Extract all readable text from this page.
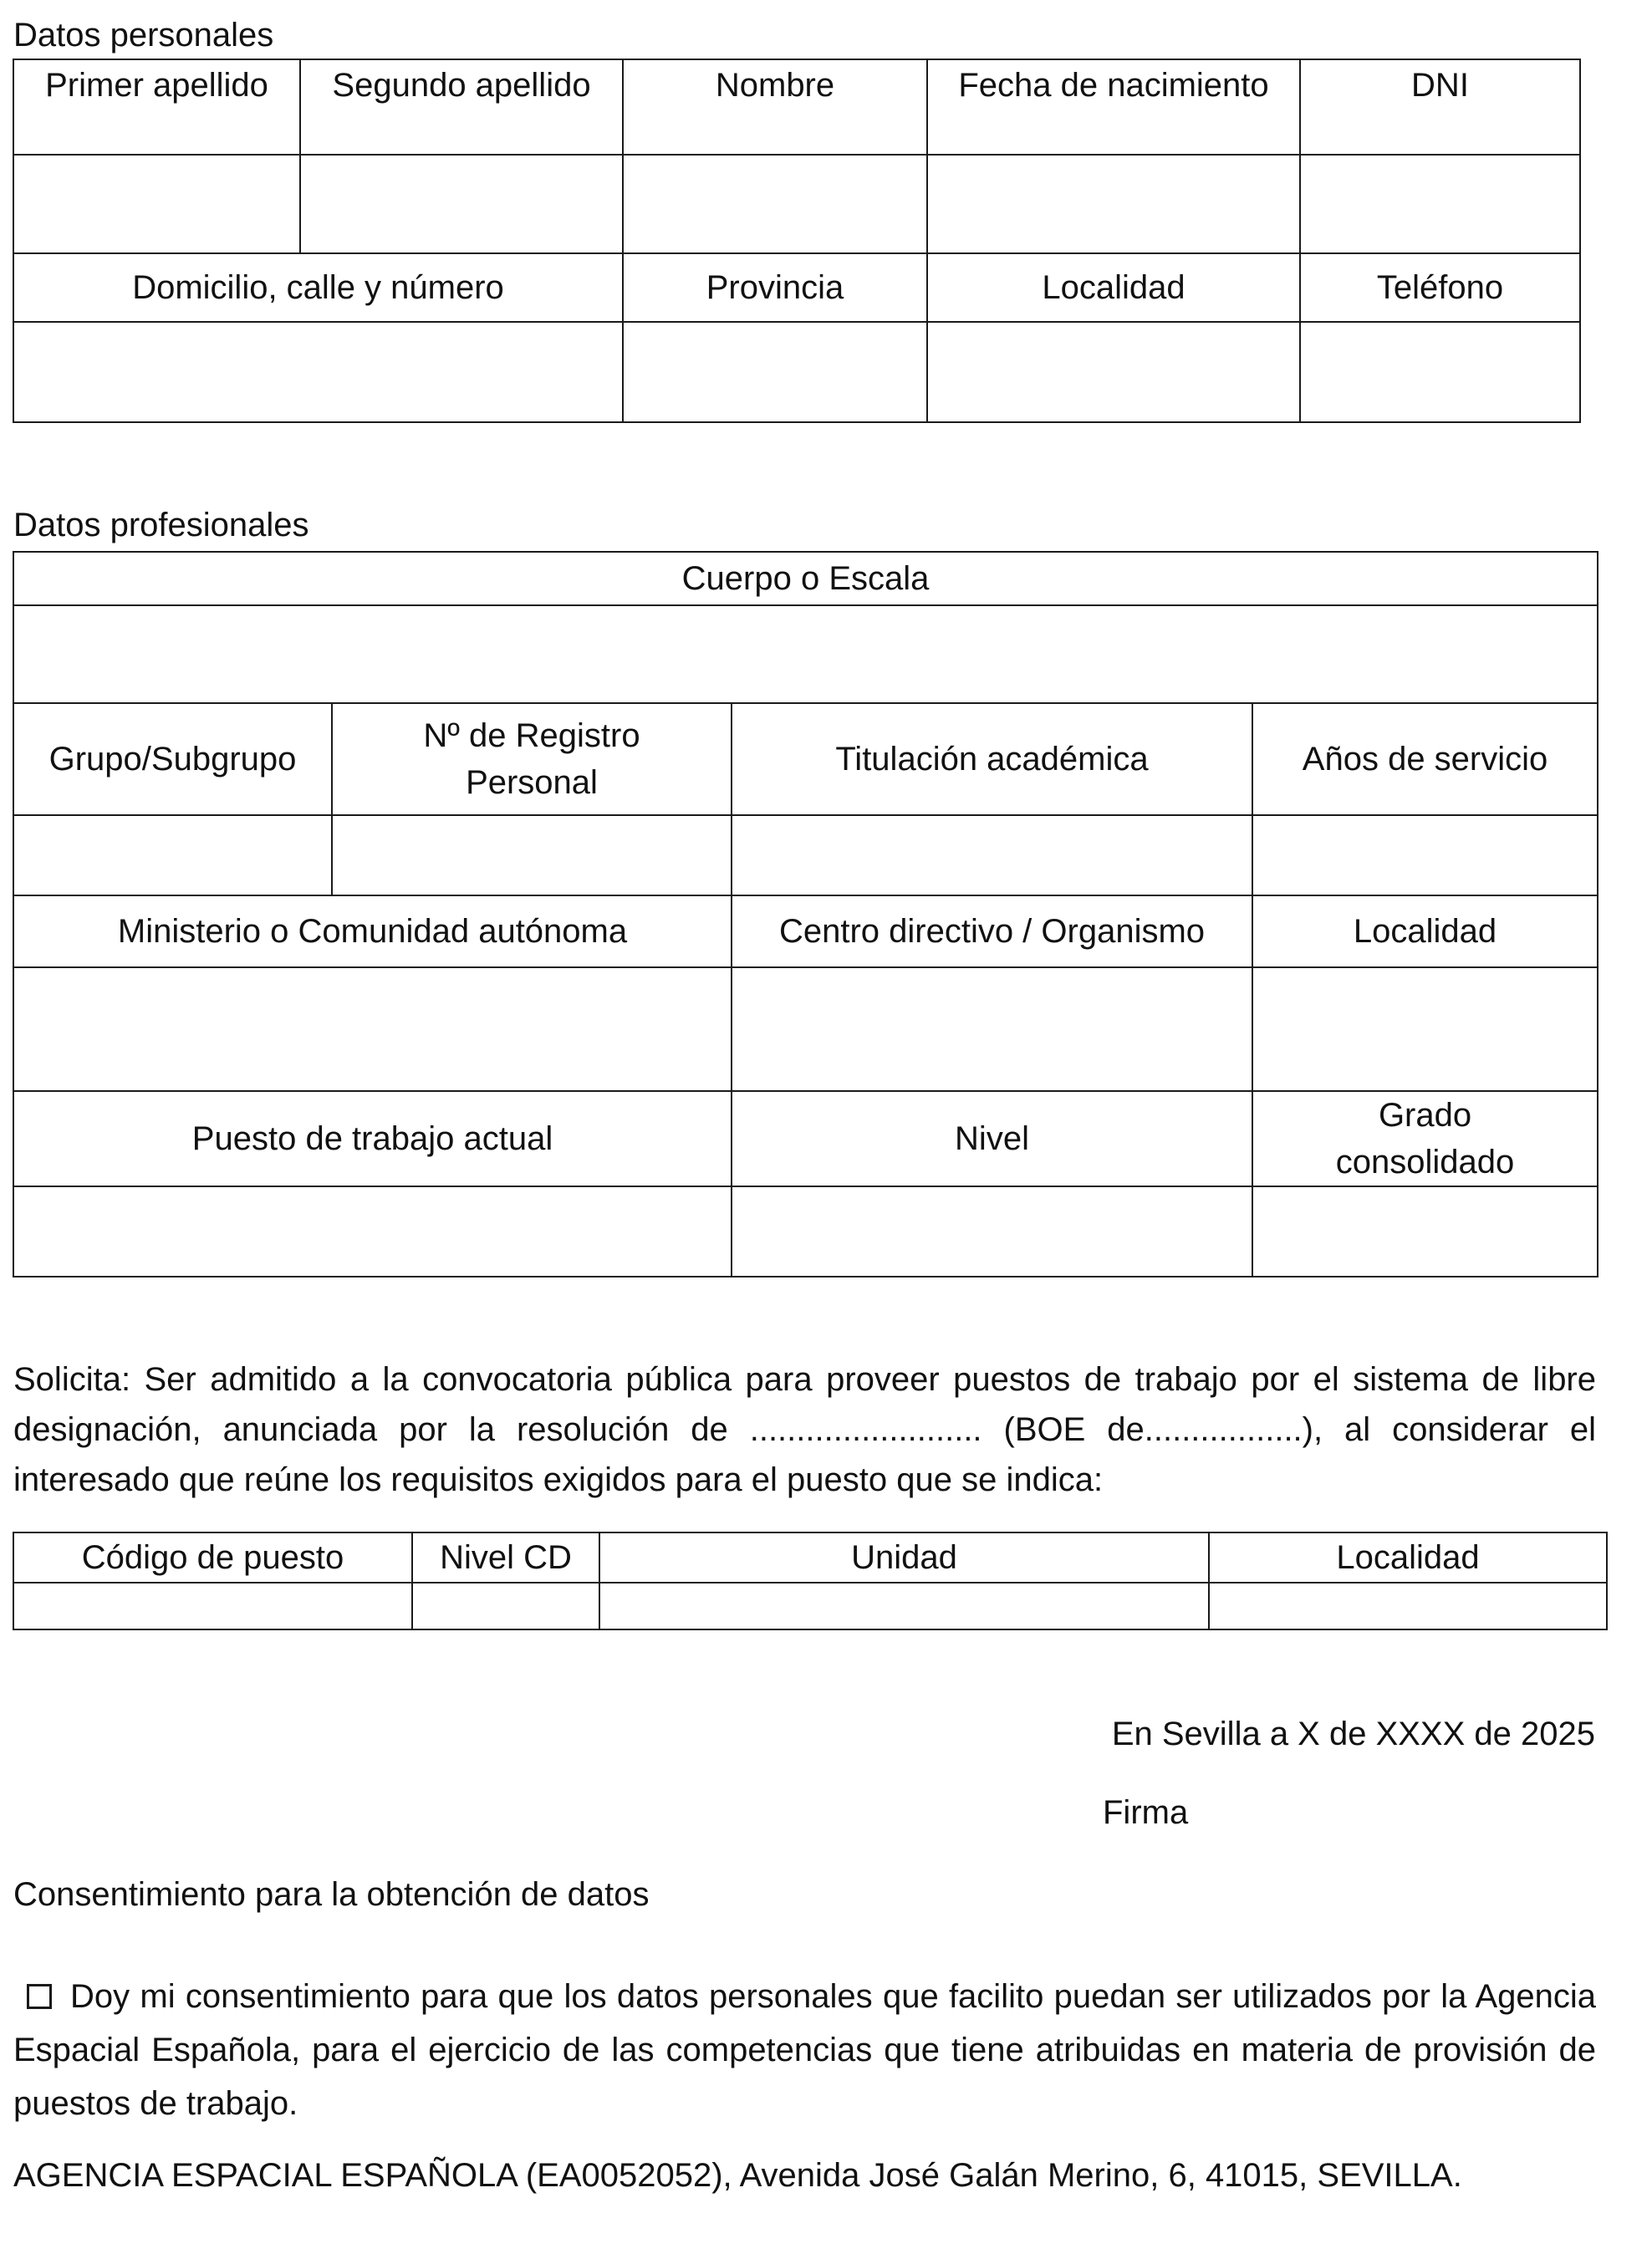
Datos personales
Primer apellido	Segundo apellido	Nombre	Fecha de nacimiento	DNI

Domicilio, calle y número		Provincia	Localidad	Teléfono

Datos profesionales
Cuerpo o Escala			

Grupo/Subgrupo	Nº de Registro Personal	Titulación académica	Años de servicio

Ministerio o Comunidad autónoma		Centro directivo / Organismo	Localidad

Puesto de trabajo actual		Nivel	Grado consolidado

Solicita: Ser admitido a la convocatoria pública para proveer puestos de trabajo por el sistema de libre designación, anunciada por la resolución de ......................... (BOE de.................), al considerar el interesado que reúne los requisitos exigidos para el puesto que se indica:
Código de puesto	Nivel CD	Unidad	Localidad

En Sevilla a X de XXXX de 2025
Firma
Consentimiento para la obtención de datos
Doy mi consentimiento para que los datos personales que facilito puedan ser utilizados por la Agencia Espacial Española, para el ejercicio de las competencias que tiene atribuidas en materia de provisión de puestos de trabajo.
AGENCIA ESPACIAL ESPAÑOLA (EA0052052), Avenida José Galán Merino, 6, 41015, SEVILLA.
